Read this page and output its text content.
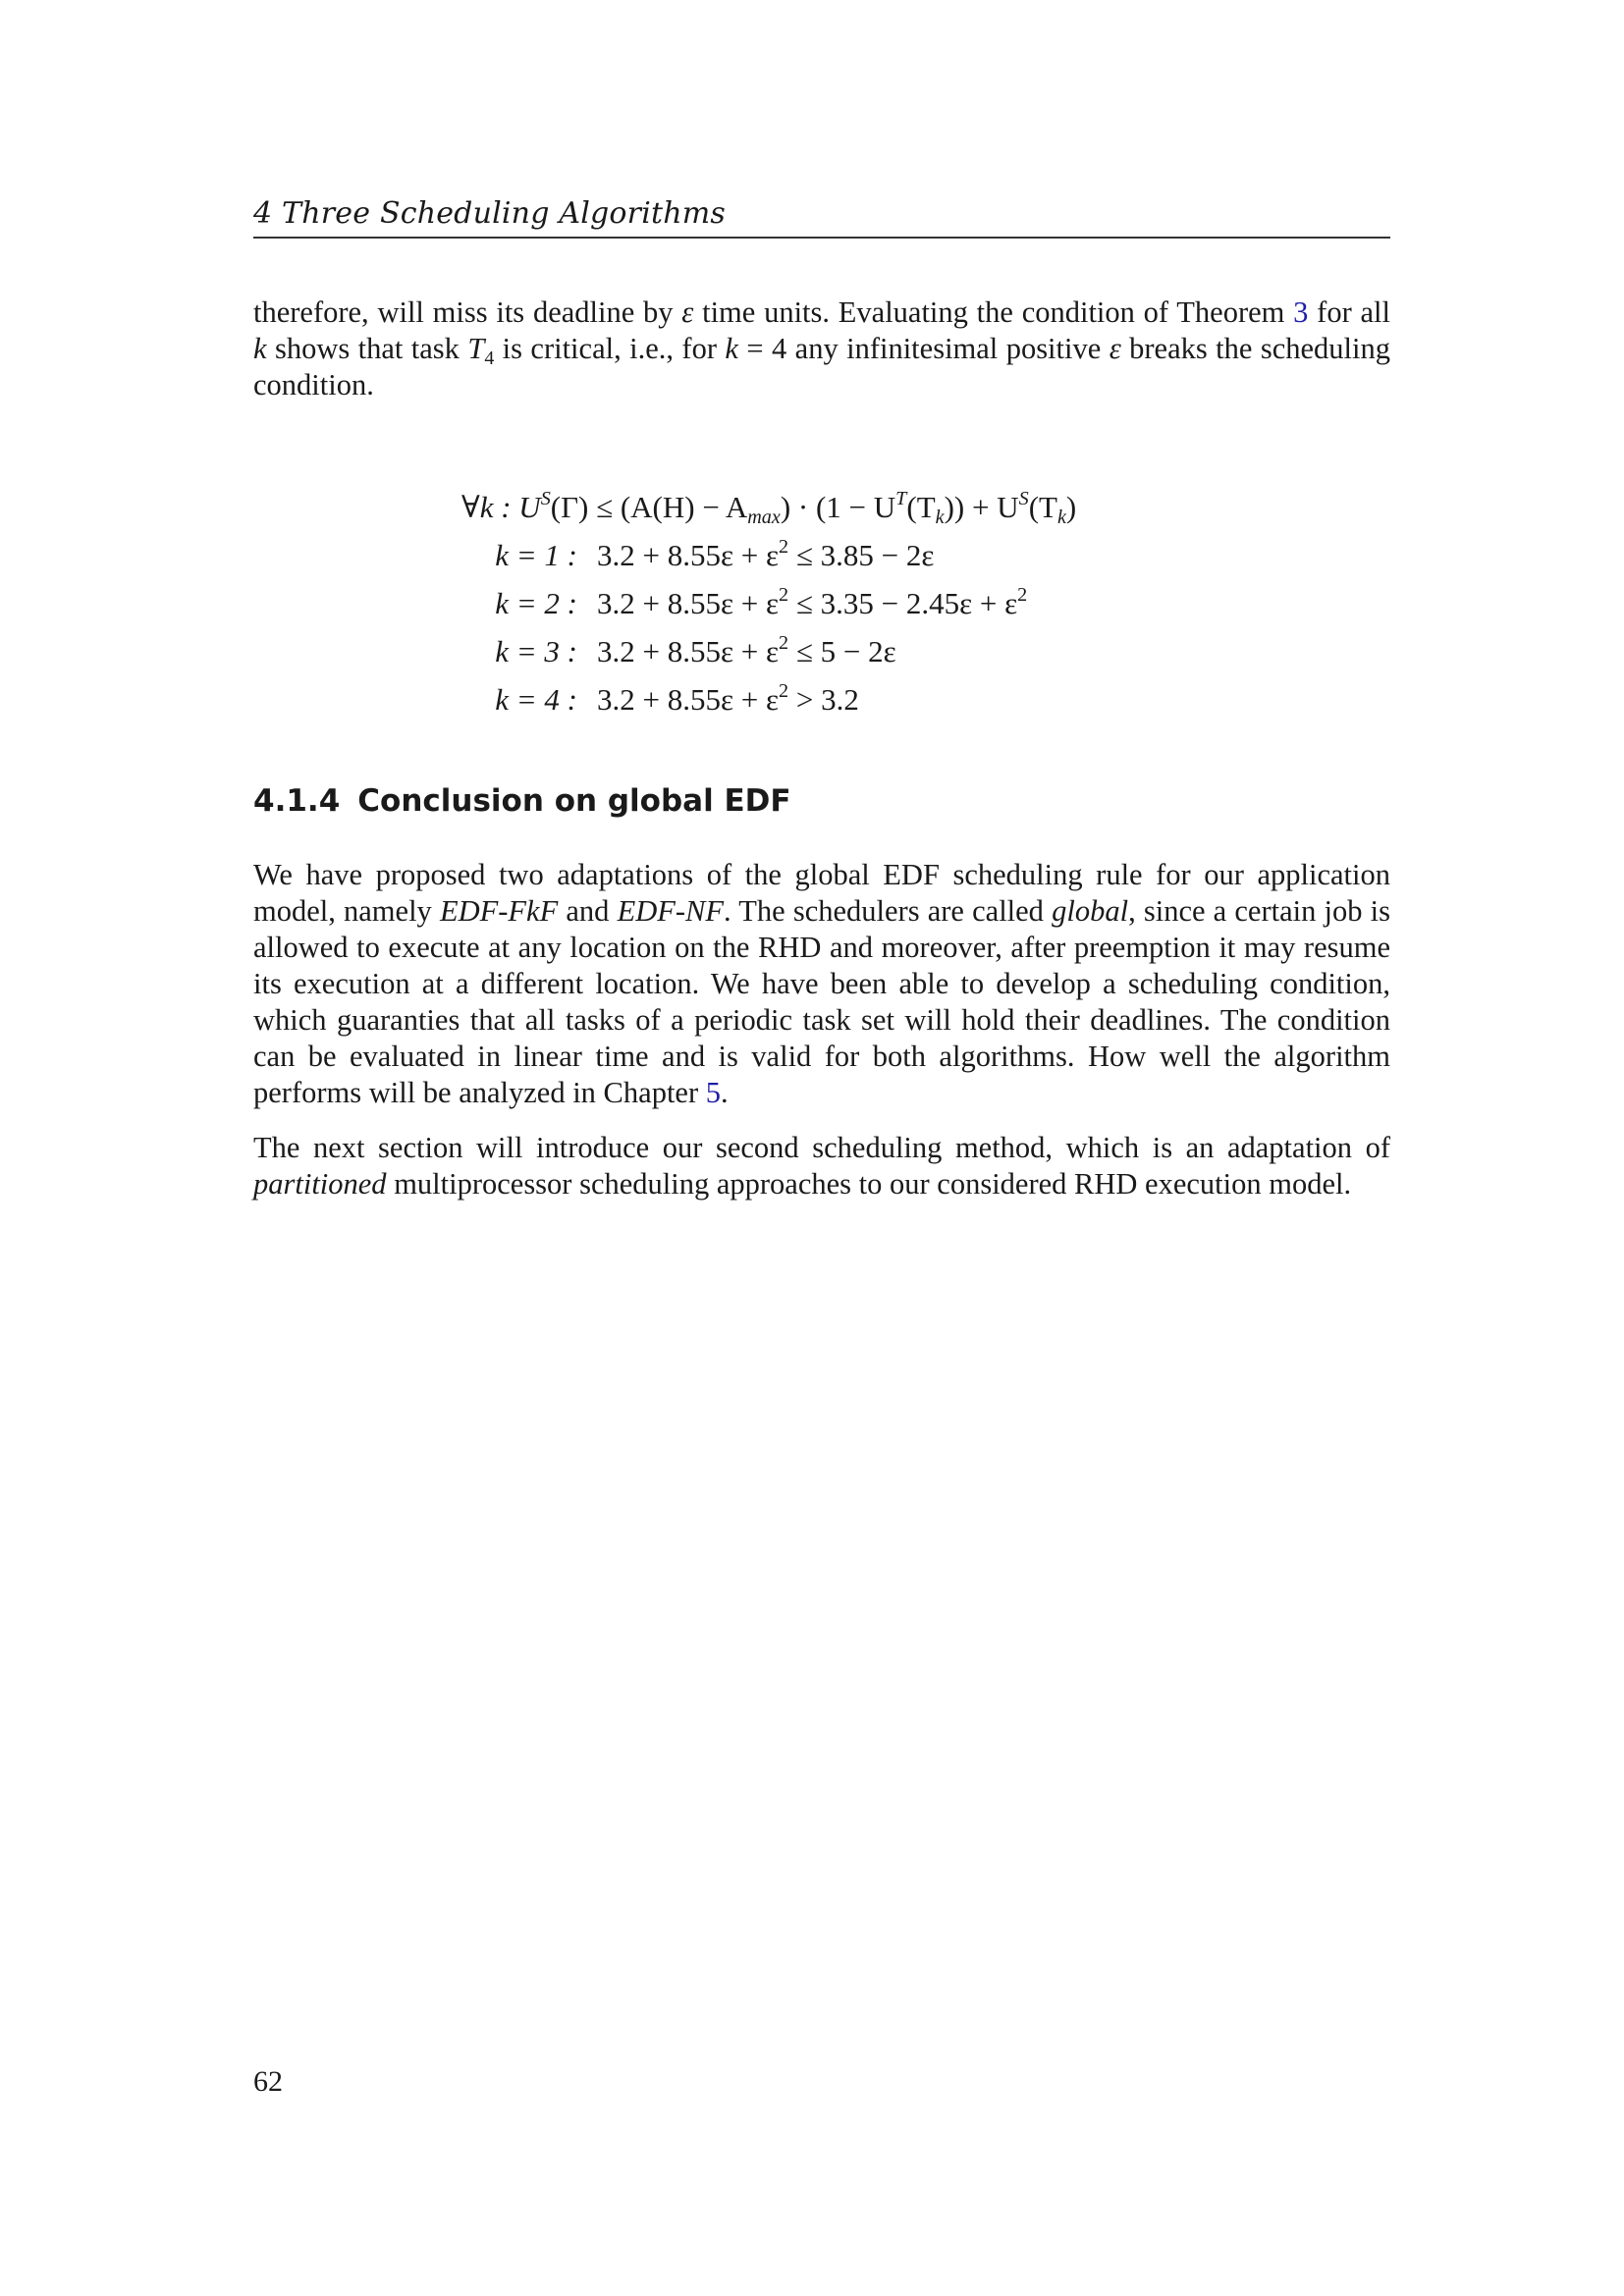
4 Three Scheduling Algorithms

therefore, will miss its deadline by ε time units. Evaluating the condition of Theorem 3 for all k shows that task $T_4$ is critical, i.e., for k = 4 any infinitesimal positive ε breaks the scheduling condition.

∀k : $U^S(\Gamma) \le (A(H) - A_{max}) \cdot (1 - U^T(T_k)) + U^S(T_k)$
k = 1 : $3.2 + 8.55\varepsilon + \varepsilon^2 \le 3.85 - 2\varepsilon$
k = 2 : $3.2 + 8.55\varepsilon + \varepsilon^2 \le 3.35 - 2.45\varepsilon + \varepsilon^2$
k = 3 : $3.2 + 8.55\varepsilon + \varepsilon^2 \le 5 - 2\varepsilon$
k = 4 : $3.2 + 8.55\varepsilon + \varepsilon^2 > 3.2$
4.1.4 Conclusion on global EDF

We have proposed two adaptations of the global EDF scheduling rule for our application model, namely EDF-FkF and EDF-NF. The schedulers are called global, since a certain job is allowed to execute at any location on the RHD and moreover, after preemption it may resume its execution at a different location. We have been able to develop a scheduling condition, which guaranties that all tasks of a periodic task set will hold their deadlines. The condition can be evaluated in linear time and is valid for both algorithms. How well the algorithm performs will be analyzed in Chapter 5.

The next section will introduce our second scheduling method, which is an adaptation of partitioned multiprocessor scheduling approaches to our considered RHD execution model.

62
